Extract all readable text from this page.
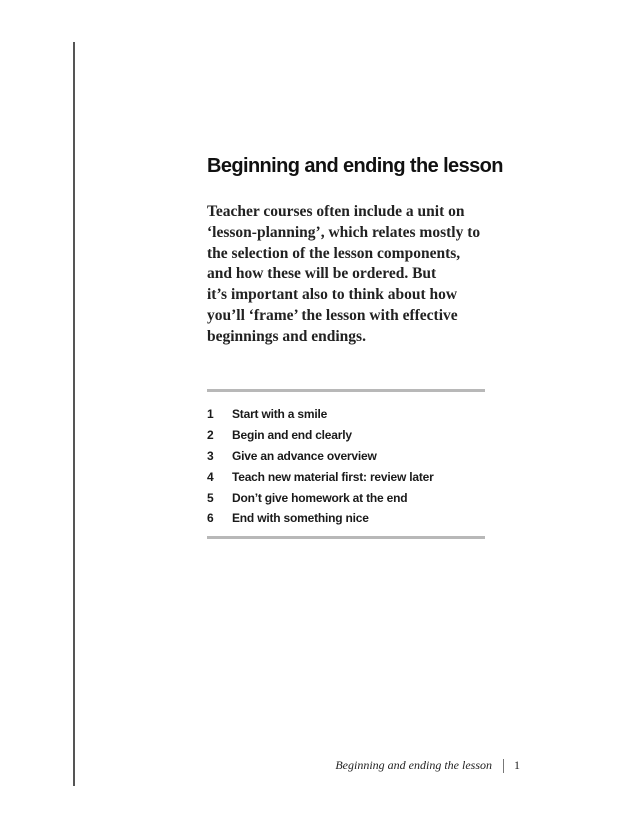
Beginning and ending the lesson

Teacher courses often include a unit on
‘lesson-planning’, which relates mostly to
the selection of the lesson components,
and how these will be ordered. But
it’s important also to think about how
you’ll ‘frame’ the lesson with effective
beginnings and endings.

1	Start with a smile
2	Begin and end clearly
3	Give an advance overview
4	Teach new material first: review later
5	Don’t give homework at the end
6	End with something nice
Beginning and ending the lesson 1
